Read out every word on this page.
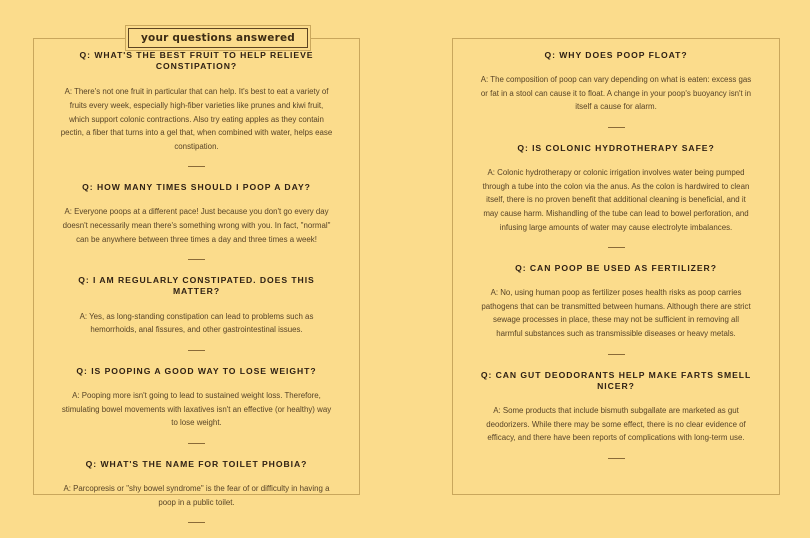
your questions answered

Q: WHAT'S THE BEST FRUIT TO HELP RELIEVE CONSTIPATION?

A: There's not one fruit in particular that can help. It's best to eat a variety of fruits every week, especially high-fiber varieties like prunes and kiwi fruit, which support colonic contractions. Also try eating apples as they contain pectin, a fiber that turns into a gel that, when combined with water, helps ease constipation.

Q: HOW MANY TIMES SHOULD I POOP A DAY?

A: Everyone poops at a different pace! Just because you don't go every day doesn't necessarily mean there's something wrong with you. In fact, "normal" can be anywhere between three times a day and three times a week!

Q: I AM REGULARLY CONSTIPATED. DOES THIS MATTER?

A: Yes, as long-standing constipation can lead to problems such as hemorrhoids, anal fissures, and other gastrointestinal issues.

Q: IS POOPING A GOOD WAY TO LOSE WEIGHT?

A: Pooping more isn't going to lead to sustained weight loss. Therefore, stimulating bowel movements with laxatives isn't an effective (or healthy) way to lose weight.

Q: WHAT'S THE NAME FOR TOILET PHOBIA?

A: Parcopresis or "shy bowel syndrome" is the fear of or difficulty in having a poop in a public toilet.

Q: WHY DOES POOP FLOAT?

A: The composition of poop can vary depending on what is eaten: excess gas or fat in a stool can cause it to float. A change in your poop's buoyancy isn't in itself a cause for alarm.

Q: IS COLONIC HYDROTHERAPY SAFE?

A: Colonic hydrotherapy or colonic irrigation involves water being pumped through a tube into the colon via the anus. As the colon is hardwired to clean itself, there is no proven benefit that additional cleaning is beneficial, and it may cause harm. Mishandling of the tube can lead to bowel perforation, and infusing large amounts of water may cause electrolyte imbalances.

Q: CAN POOP BE USED AS FERTILIZER?

A: No, using human poop as fertilizer poses health risks as poop carries pathogens that can be transmitted between humans. Although there are strict sewage processes in place, these may not be sufficient in removing all harmful substances such as transmissible diseases or heavy metals.

Q: CAN GUT DEODORANTS HELP MAKE FARTS SMELL NICER?

A: Some products that include bismuth subgallate are marketed as gut deodorizers. While there may be some effect, there is no clear evidence of efficacy, and there have been reports of complications with long-term use.
